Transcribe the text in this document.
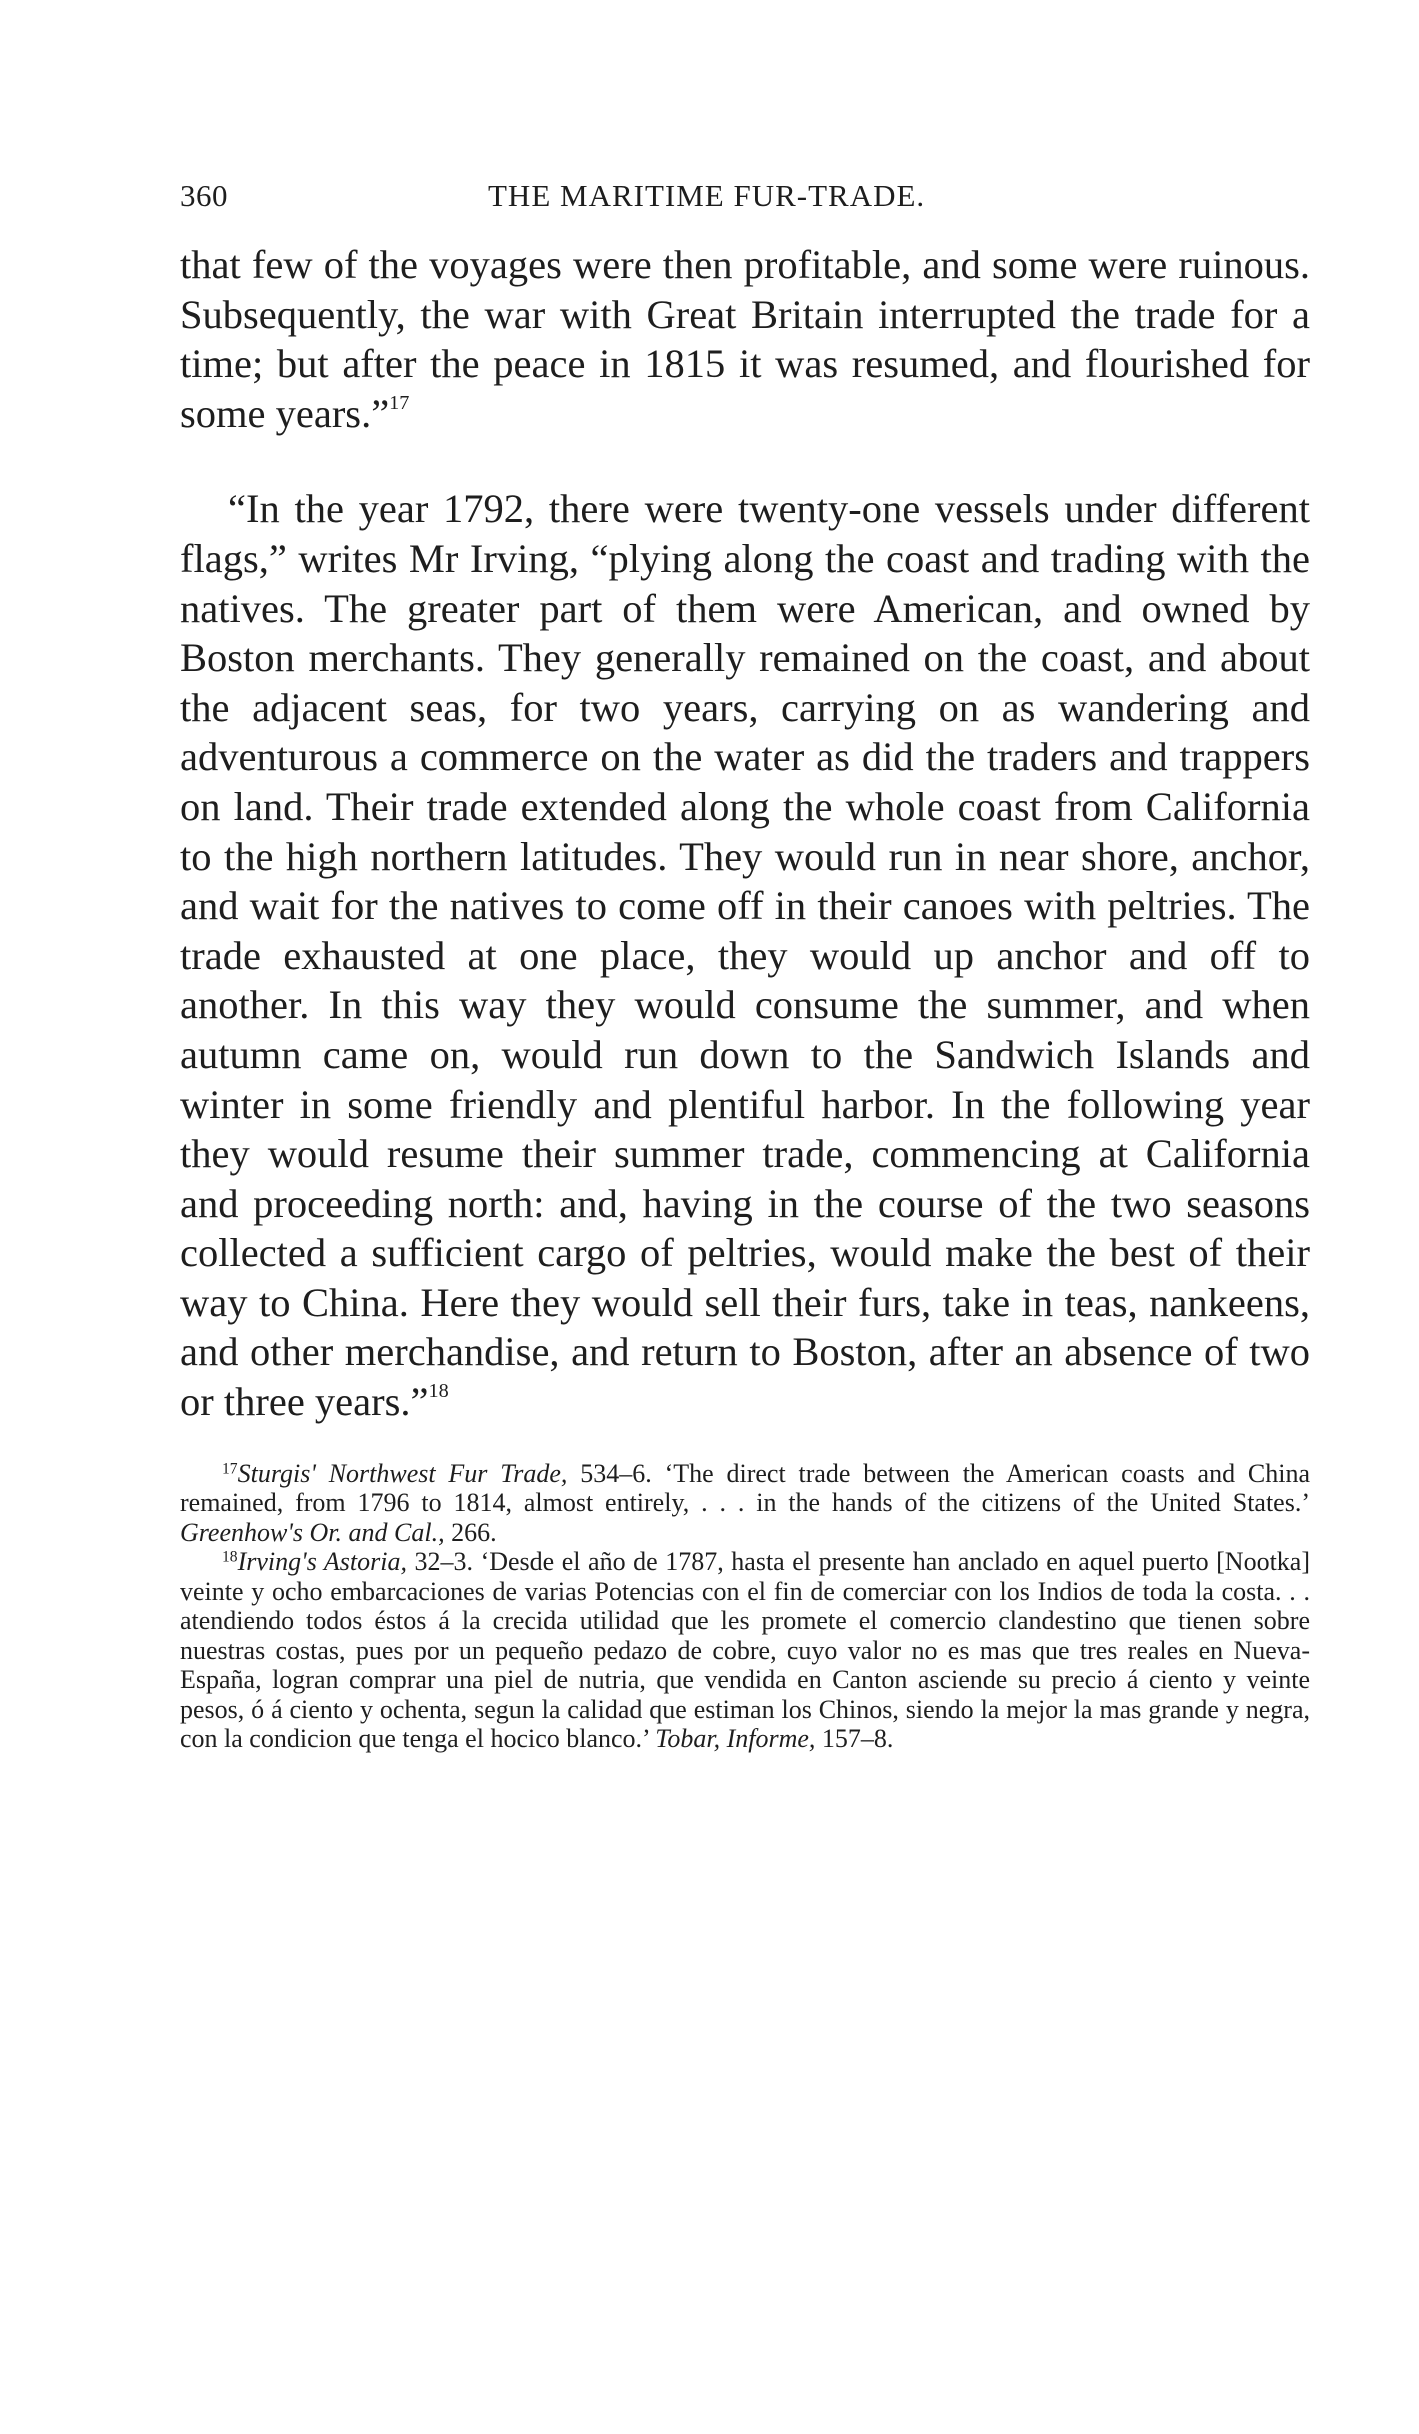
360	THE MARITIME FUR-TRADE.

that few of the voyages were then profitable, and some were ruinous. Subsequently, the war with Great Britain interrupted the trade for a time; but after the peace in 1815 it was resumed, and flourished for some years.”$^{17}$

“In the year 1792, there were twenty-one vessels under different flags,” writes Mr Irving, “plying along the coast and trading with the natives. The greater part of them were American, and owned by Boston merchants. They generally remained on the coast, and about the adjacent seas, for two years, carrying on as wandering and adventurous a commerce on the water as did the traders and trappers on land. Their trade extended along the whole coast from California to the high northern latitudes. They would run in near shore, anchor, and wait for the natives to come off in their canoes with peltries. The trade exhausted at one place, they would up anchor and off to another. In this way they would consume the summer, and when autumn came on, would run down to the Sandwich Islands and winter in some friendly and plentiful harbor. In the following year they would resume their summer trade, commencing at California and proceeding north: and, having in the course of the two seasons collected a sufficient cargo of peltries, would make the best of their way to China. Here they would sell their furs, take in teas, nankeens, and other merchandise, and return to Boston, after an absence of two or three years.”$^{18}$

$^{17}$Sturgis' Northwest Fur Trade, 534–6. ‘The direct trade between the American coasts and China remained, from 1796 to 1814, almost entirely, . . . in the hands of the citizens of the United States.’ Greenhow's Or. and Cal., 266.

$^{18}$Irving's Astoria, 32–3. ‘Desde el año de 1787, hasta el presente han anclado en aquel puerto [Nootka] veinte y ocho embarcaciones de varias Potencias con el fin de comerciar con los Indios de toda la costa. . . atendiendo todos éstos á la crecida utilidad que les promete el comercio clandestino que tienen sobre nuestras costas, pues por un pequeño pedazo de cobre, cuyo valor no es mas que tres reales en Nueva-España, logran comprar una piel de nutria, que vendida en Canton asciende su precio á ciento y veinte pesos, ó á ciento y ochenta, segun la calidad que estiman los Chinos, siendo la mejor la mas grande y negra, con la condicion que tenga el hocico blanco.’ Tobar, Informe, 157–8.
